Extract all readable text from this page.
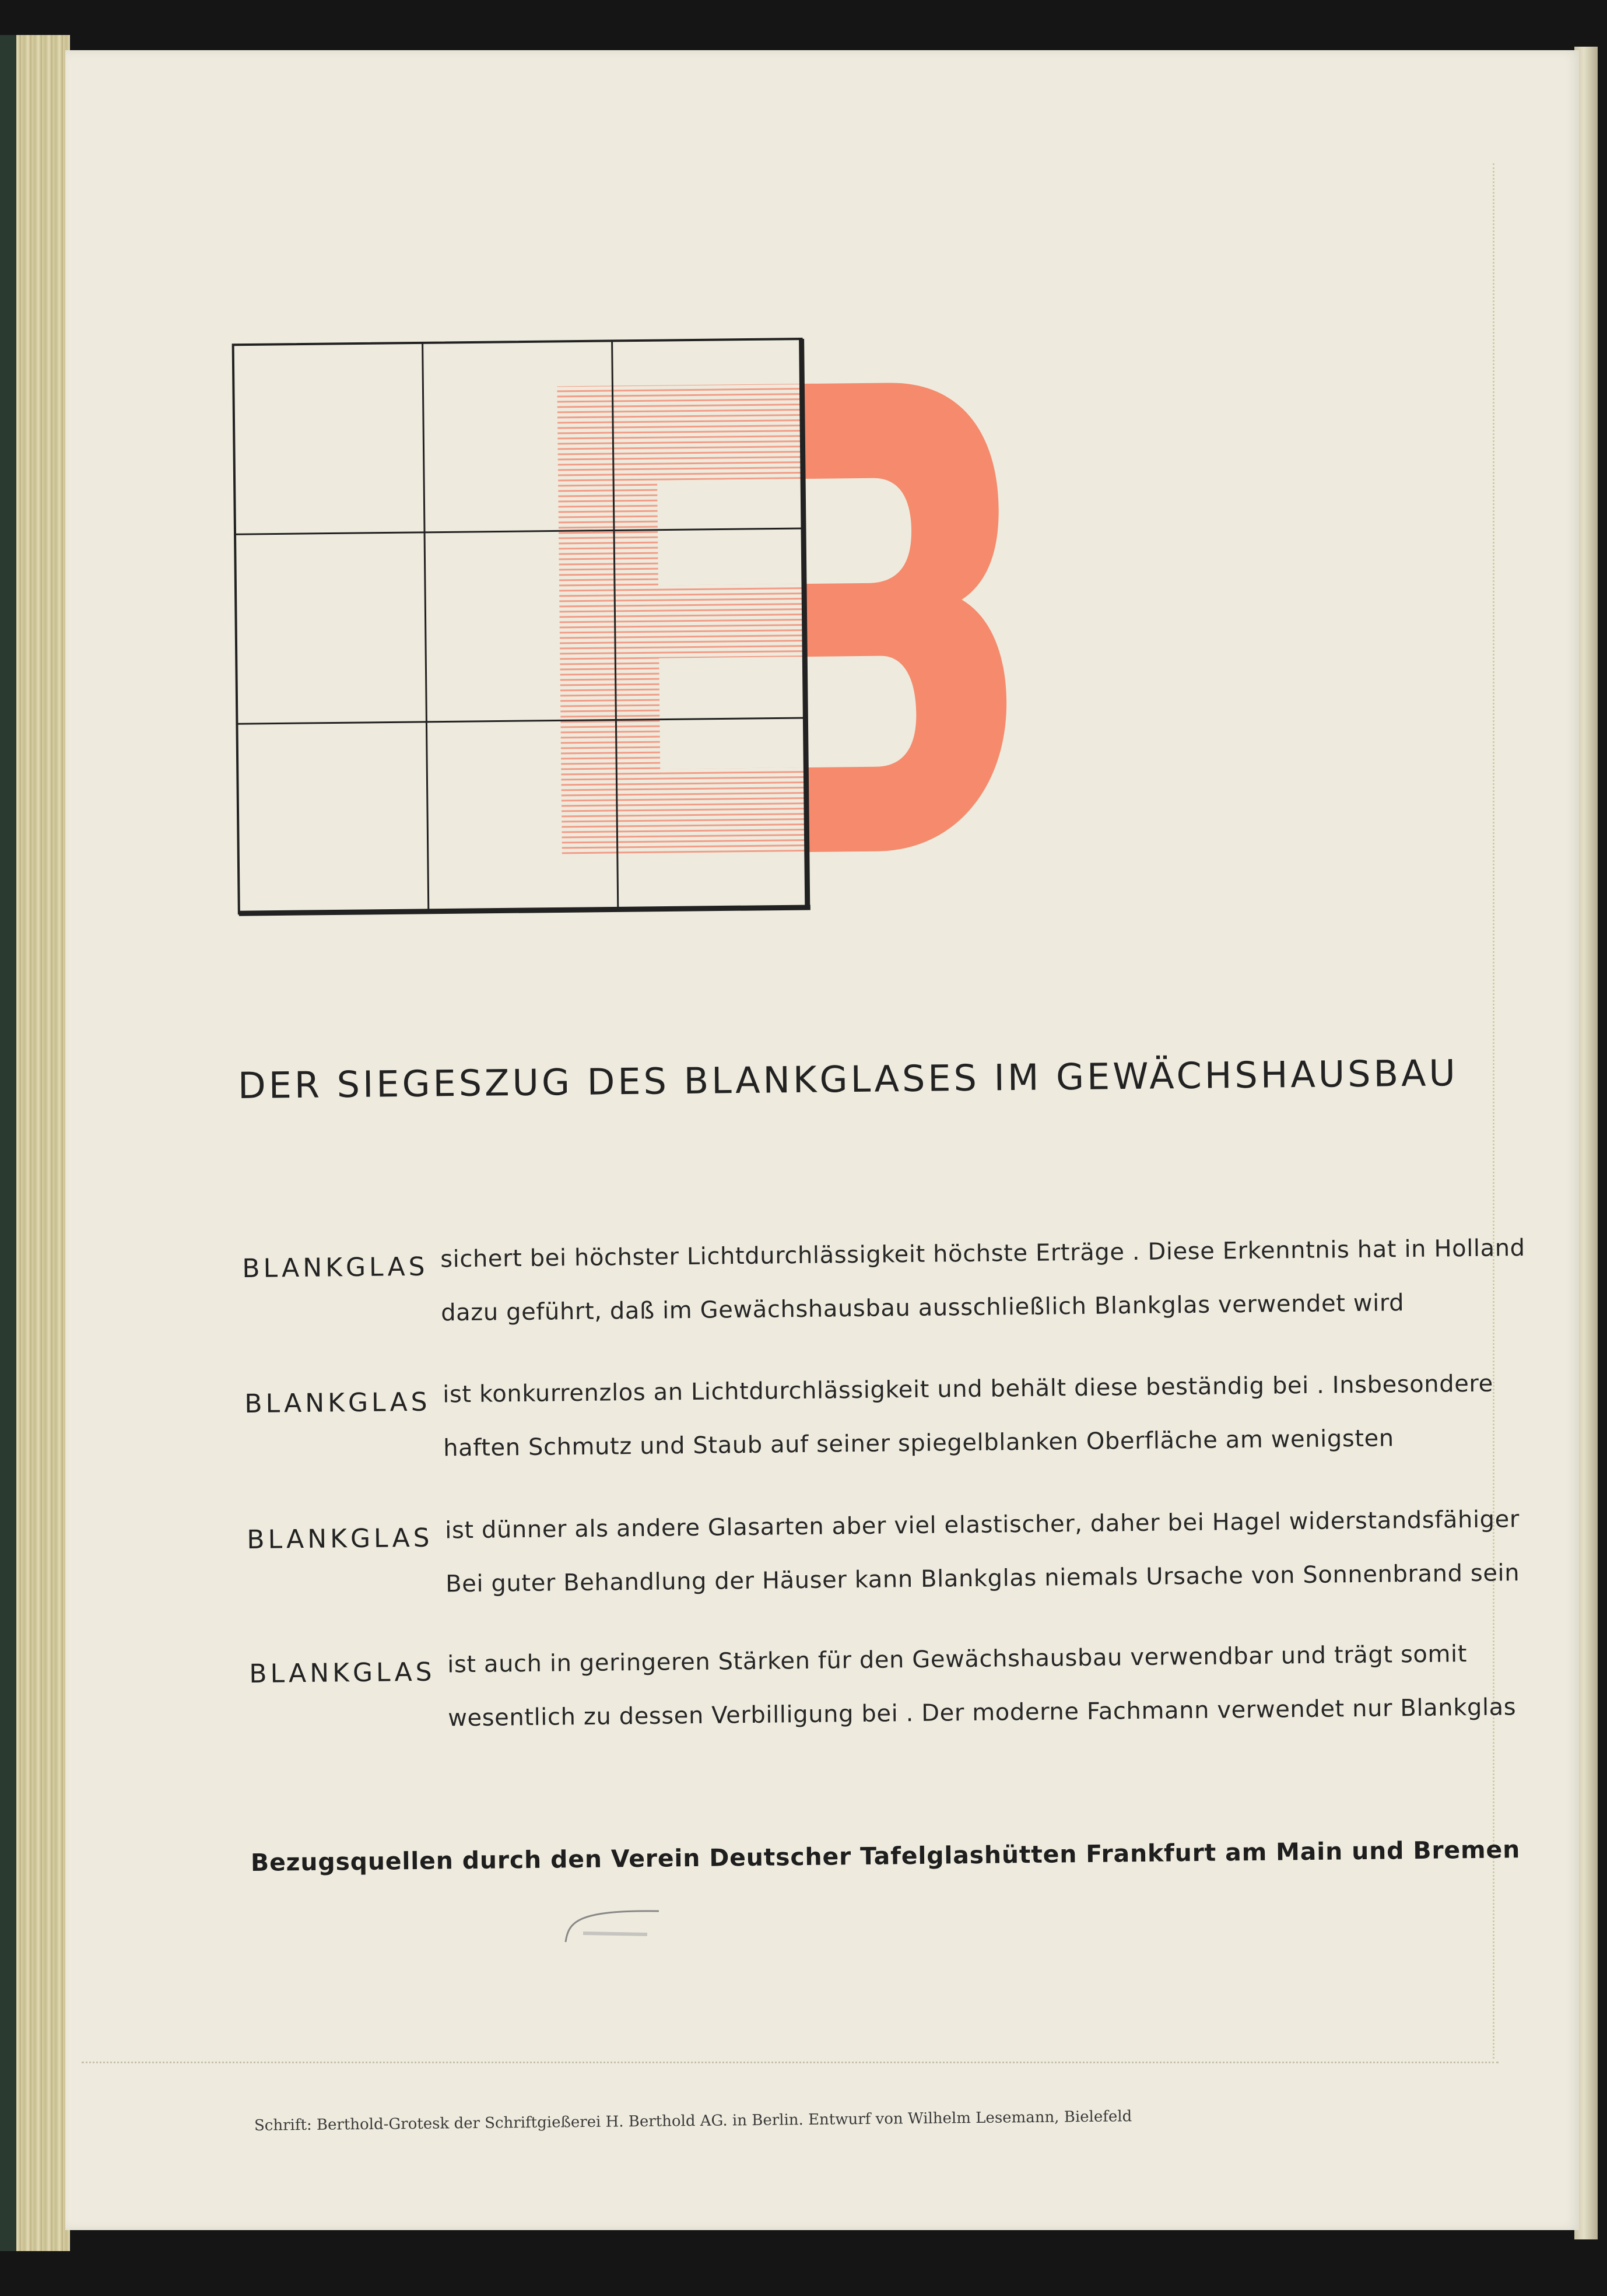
DER SIEGESZUG DES BLANKGLASES IM GEWÄCHSHAUSBAU
BLANKGLAS sichert bei höchster Lichtdurchlässigkeit höchste Erträge . Diese Erkenntnis hat in Holland
dazu geführt, daß im Gewächshausbau ausschließlich Blankglas verwendet wird
BLANKGLAS ist konkurrenzlos an Lichtdurchlässigkeit und behält diese beständig bei . Insbesondere
haften Schmutz und Staub auf seiner spiegelblanken Oberfläche am wenigsten
BLANKGLAS ist dünner als andere Glasarten aber viel elastischer, daher bei Hagel widerstandsfähiger
Bei guter Behandlung der Häuser kann Blankglas niemals Ursache von Sonnenbrand sein
BLANKGLAS ist auch in geringeren Stärken für den Gewächshausbau verwendbar und trägt somit
wesentlich zu dessen Verbilligung bei . Der moderne Fachmann verwendet nur Blankglas
Bezugsquellen durch den Verein Deutscher Tafelglashütten Frankfurt am Main und Bremen
Schrift: Berthold-Grotesk der Schriftgießerei H. Berthold AG. in Berlin. Entwurf von Wilhelm Lesemann, Bielefeld
